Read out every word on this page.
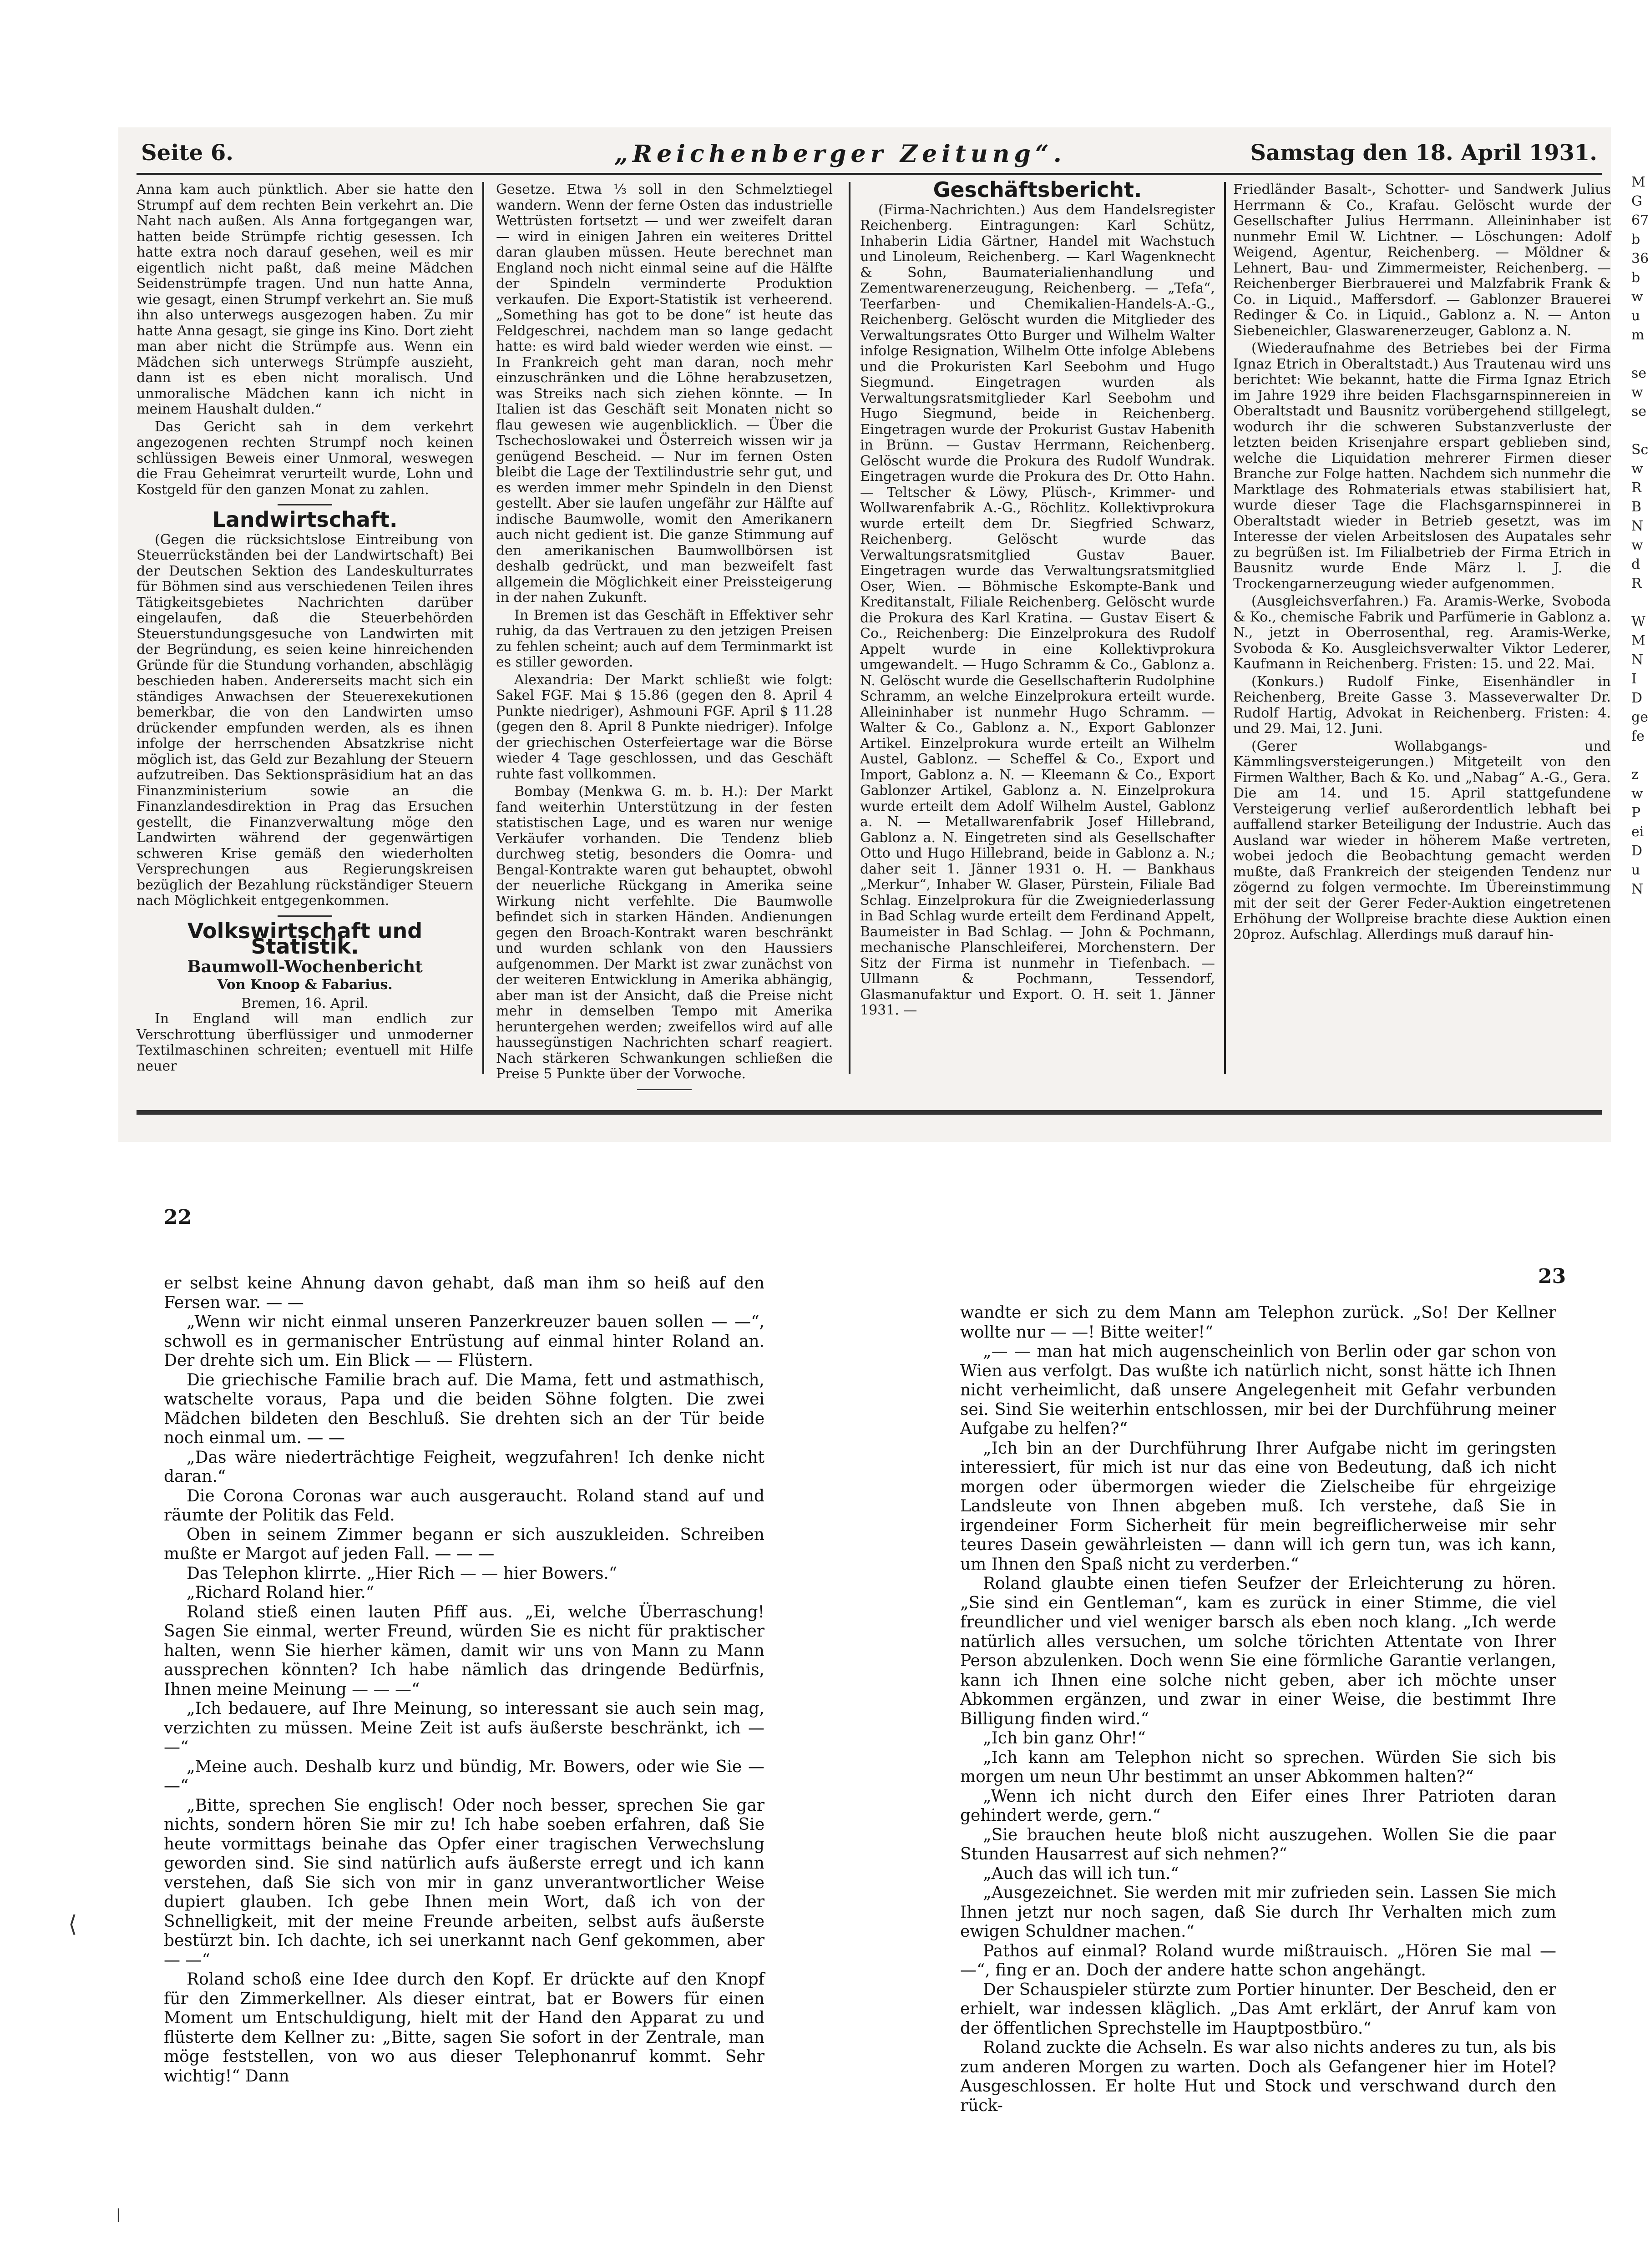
Seite 6.	„Reichenberger Zeitung“.	Samstag den 18. April 1931.

Anna kam auch pünktlich. Aber sie hatte den Strumpf auf dem rechten Bein verkehrt an. Die Naht nach außen. Als Anna fortgegangen war, hatten beide Strümpfe richtig gesessen. Ich hatte extra noch darauf gesehen, weil es mir eigentlich nicht paßt, daß meine Mädchen Seidenstrümpfe tragen. Und nun hatte Anna, wie gesagt, einen Strumpf verkehrt an. Sie muß ihn also unterwegs ausgezogen haben. Zu mir hatte Anna gesagt, sie ginge ins Kino. Dort zieht man aber nicht die Strümpfe aus. Wenn ein Mädchen sich unterwegs Strümpfe auszieht, dann ist es eben nicht moralisch. Und unmoralische Mädchen kann ich nicht in meinem Haushalt dulden.“

Das Gericht sah in dem verkehrt angezogenen rechten Strumpf noch keinen schlüssigen Beweis einer Unmoral, weswegen die Frau Geheimrat verurteilt wurde, Lohn und Kostgeld für den ganzen Monat zu zahlen.

Landwirtschaft.

(Gegen die rücksichtslose Eintreibung von Steuerrückständen bei der Landwirtschaft) Bei der Deutschen Sektion des Landeskulturrates für Böhmen sind aus verschiedenen Teilen ihres Tätigkeitsgebietes Nachrichten darüber eingelaufen, daß die Steuerbehörden Steuerstundungsgesuche von Landwirten mit der Begründung, es seien keine hinreichenden Gründe für die Stundung vorhanden, abschlägig beschieden haben. Andererseits macht sich ein ständiges Anwachsen der Steuerexekutionen bemerkbar, die von den Landwirten umso drückender empfunden werden, als es ihnen infolge der herrschenden Absatzkrise nicht möglich ist, das Geld zur Bezahlung der Steuern aufzutreiben. Das Sektionspräsidium hat an das Finanzministerium sowie an die Finanzlandesdirektion in Prag das Ersuchen gestellt, die Finanzverwaltung möge den Landwirten während der gegenwärtigen schweren Krise gemäß den wiederholten Versprechungen aus Regierungskreisen bezüglich der Bezahlung rückständiger Steuern nach Möglichkeit entgegenkommen.

Volkswirtschaft und Statistik.
Baumwoll-Wochenbericht
Von Knoop & Fabarius.
Bremen, 16. April.

In England will man endlich zur Verschrottung überflüssiger und unmoderner Textilmaschinen schreiten; eventuell mit Hilfe neuer

Gesetze. Etwa ⅓ soll in den Schmelztiegel wandern. Wenn der ferne Osten das industrielle Wettrüsten fortsetzt — und wer zweifelt daran — wird in einigen Jahren ein weiteres Drittel daran glauben müssen. Heute berechnet man England noch nicht einmal seine auf die Hälfte der Spindeln verminderte Produktion verkaufen. Die Export-Statistik ist verheerend. „Something has got to be done“ ist heute das Feldgeschrei, nachdem man so lange gedacht hatte: es wird bald wieder werden wie einst. — In Frankreich geht man daran, noch mehr einzuschränken und die Löhne herabzusetzen, was Streiks nach sich ziehen könnte. — In Italien ist das Geschäft seit Monaten nicht so flau gewesen wie augenblicklich. — Über die Tschechoslowakei und Österreich wissen wir ja genügend Bescheid. — Nur im fernen Osten bleibt die Lage der Textilindustrie sehr gut, und es werden immer mehr Spindeln in den Dienst gestellt. Aber sie laufen ungefähr zur Hälfte auf indische Baumwolle, womit den Amerikanern auch nicht gedient ist. Die ganze Stimmung auf den amerikanischen Baumwollbörsen ist deshalb gedrückt, und man bezweifelt fast allgemein die Möglichkeit einer Preissteigerung in der nahen Zukunft.

In Bremen ist das Geschäft in Effektiver sehr ruhig, da das Vertrauen zu den jetzigen Preisen zu fehlen scheint; auch auf dem Terminmarkt ist es stiller geworden.

Alexandria: Der Markt schließt wie folgt: Sakel FGF. Mai $ 15.86 (gegen den 8. April 4 Punkte niedriger), Ashmouni FGF. April $ 11.28 (gegen den 8. April 8 Punkte niedriger). Infolge der griechischen Osterfeiertage war die Börse wieder 4 Tage geschlossen, und das Geschäft ruhte fast vollkommen.

Bombay (Menkwa G. m. b. H.): Der Markt fand weiterhin Unterstützung in der festen statistischen Lage, und es waren nur wenige Verkäufer vorhanden. Die Tendenz blieb durchweg stetig, besonders die Oomra- und Bengal-Kontrakte waren gut behauptet, obwohl der neuerliche Rückgang in Amerika seine Wirkung nicht verfehlte. Die Baumwolle befindet sich in starken Händen. Andienungen gegen den Broach-Kontrakt waren beschränkt und wurden schlank von den Haussiers aufgenommen. Der Markt ist zwar zunächst von der weiteren Entwicklung in Amerika abhängig, aber man ist der Ansicht, daß die Preise nicht mehr in demselben Tempo mit Amerika heruntergehen werden; zweifellos wird auf alle haussegünstigen Nachrichten scharf reagiert. Nach stärkeren Schwankungen schließen die Preise 5 Punkte über der Vorwoche.

Geschäftsbericht.

(Firma-Nachrichten.) Aus dem Handelsregister Reichenberg. Eintragungen: Karl Schütz, Inhaberin Lidia Gärtner, Handel mit Wachstuch und Linoleum, Reichenberg. — Karl Wagenknecht & Sohn, Baumaterialienhandlung und Zementwarenerzeugung, Reichenberg. — „Tefa“, Teerfarben- und Chemikalien-Handels-A.-G., Reichenberg. Gelöscht wurden die Mitglieder des Verwaltungsrates Otto Burger und Wilhelm Walter infolge Resignation, Wilhelm Otte infolge Ablebens und die Prokuristen Karl Seebohm und Hugo Siegmund. Eingetragen wurden als Verwaltungsratsmitglieder Karl Seebohm und Hugo Siegmund, beide in Reichenberg. Eingetragen wurde der Prokurist Gustav Habenith in Brünn. — Gustav Herrmann, Reichenberg. Gelöscht wurde die Prokura des Rudolf Wundrak. Eingetragen wurde die Prokura des Dr. Otto Hahn. — Teltscher & Löwy, Plüsch-, Krimmer- und Wollwarenfabrik A.-G., Röchlitz. Kollektivprokura wurde erteilt dem Dr. Siegfried Schwarz, Reichenberg. Gelöscht wurde das Verwaltungsratsmitglied Gustav Bauer. Eingetragen wurde das Verwaltungsratsmitglied Oser, Wien. — Böhmische Eskompte-Bank und Kreditanstalt, Filiale Reichenberg. Gelöscht wurde die Prokura des Karl Kratina. — Gustav Eisert & Co., Reichenberg: Die Einzelprokura des Rudolf Appelt wurde in eine Kollektivprokura umgewandelt. — Hugo Schramm & Co., Gablonz a. N. Gelöscht wurde die Gesellschafterin Rudolphine Schramm, an welche Einzelprokura erteilt wurde. Alleininhaber ist nunmehr Hugo Schramm. — Walter & Co., Gablonz a. N., Export Gablonzer Artikel. Einzelprokura wurde erteilt an Wilhelm Austel, Gablonz. — Scheffel & Co., Export und Import, Gablonz a. N. — Kleemann & Co., Export Gablonzer Artikel, Gablonz a. N. Einzelprokura wurde erteilt dem Adolf Wilhelm Austel, Gablonz a. N. — Metallwarenfabrik Josef Hillebrand, Gablonz a. N. Eingetreten sind als Gesellschafter Otto und Hugo Hillebrand, beide in Gablonz a. N.; daher seit 1. Jänner 1931 o. H. — Bankhaus „Merkur“, Inhaber W. Glaser, Pürstein, Filiale Bad Schlag. Einzelprokura für die Zweigniederlassung in Bad Schlag wurde erteilt dem Ferdinand Appelt, Baumeister in Bad Schlag. — John & Pochmann, mechanische Planschleiferei, Morchenstern. Der Sitz der Firma ist nunmehr in Tiefenbach. — Ullmann & Pochmann, Tessendorf, Glasmanufaktur und Export. O. H. seit 1. Jänner 1931. —

Friedländer Basalt-, Schotter- und Sandwerk Julius Herrmann & Co., Krafau. Gelöscht wurde der Gesellschafter Julius Herrmann. Alleininhaber ist nunmehr Emil W. Lichtner. — Löschungen: Adolf Weigend, Agentur, Reichenberg. — Möldner & Lehnert, Bau- und Zimmermeister, Reichenberg. — Reichenberger Bierbrauerei und Malzfabrik Frank & Co. in Liquid., Maffersdorf. — Gablonzer Brauerei Redinger & Co. in Liquid., Gablonz a. N. — Anton Siebeneichler, Glaswarenerzeuger, Gablonz a. N.

(Wiederaufnahme des Betriebes bei der Firma Ignaz Etrich in Oberaltstadt.) Aus Trautenau wird uns berichtet: Wie bekannt, hatte die Firma Ignaz Etrich im Jahre 1929 ihre beiden Flachsgarnspinnereien in Oberaltstadt und Bausnitz vorübergehend stillgelegt, wodurch ihr die schweren Substanzverluste der letzten beiden Krisenjahre erspart geblieben sind, welche die Liquidation mehrerer Firmen dieser Branche zur Folge hatten. Nachdem sich nunmehr die Marktlage des Rohmaterials etwas stabilisiert hat, wurde dieser Tage die Flachsgarnspinnerei in Oberaltstadt wieder in Betrieb gesetzt, was im Interesse der vielen Arbeitslosen des Aupatales sehr zu begrüßen ist. Im Filialbetrieb der Firma Etrich in Bausnitz wurde Ende März l. J. die Trockengarnerzeugung wieder aufgenommen.

(Ausgleichsverfahren.) Fa. Aramis-Werke, Svoboda & Ko., chemische Fabrik und Parfümerie in Gablonz a. N., jetzt in Oberrosenthal, reg. Aramis-Werke, Svoboda & Ko. Ausgleichsverwalter Viktor Lederer, Kaufmann in Reichenberg. Fristen: 15. und 22. Mai.

(Konkurs.) Rudolf Finke, Eisenhändler in Reichenberg, Breite Gasse 3. Masseverwalter Dr. Rudolf Hartig, Advokat in Reichenberg. Fristen: 4. und 29. Mai, 12. Juni.

(Gerer Wollabgangs- und Kämmlingsversteigerungen.) Mitgeteilt von den Firmen Walther, Bach & Ko. und „Nabag“ A.-G., Gera. Die am 14. und 15. April stattgefundene Versteigerung verlief außerordentlich lebhaft bei auffallend starker Beteiligung der Industrie. Auch das Ausland war wieder in höherem Maße vertreten, wobei jedoch die Beobachtung gemacht werden mußte, daß Frankreich der steigenden Tendenz nur zögernd zu folgen vermochte. Im Übereinstimmung mit der seit der Gerer Feder-Auktion eingetretenen Erhöhung der Wollpreise brachte diese Auktion einen 20proz. Aufschlag. Allerdings muß darauf hin-

22

er selbst keine Ahnung davon gehabt, daß man ihm so heiß auf den Fersen war. — —

„Wenn wir nicht einmal unseren Panzerkreuzer bauen sollen — —“, schwoll es in germanischer Entrüstung auf einmal hinter Roland an. Der drehte sich um. Ein Blick — — Flüstern.

Die griechische Familie brach auf. Die Mama, fett und astmathisch, watschelte voraus, Papa und die beiden Söhne folgten. Die zwei Mädchen bildeten den Beschluß. Sie drehten sich an der Tür beide noch einmal um. — —

„Das wäre niederträchtige Feigheit, wegzufahren! Ich denke nicht daran.“

Die Corona Coronas war auch ausgeraucht. Roland stand auf und räumte der Politik das Feld.

Oben in seinem Zimmer begann er sich auszukleiden. Schreiben mußte er Margot auf jeden Fall. — — —

Das Telephon klirrte. „Hier Rich — — hier Bowers.“

„Richard Roland hier.“

Roland stieß einen lauten Pfiff aus. „Ei, welche Überraschung! Sagen Sie einmal, werter Freund, würden Sie es nicht für praktischer halten, wenn Sie hierher kämen, damit wir uns von Mann zu Mann aussprechen könnten? Ich habe nämlich das dringende Bedürfnis, Ihnen meine Meinung — — —“

„Ich bedauere, auf Ihre Meinung, so interessant sie auch sein mag, verzichten zu müssen. Meine Zeit ist aufs äußerste beschränkt, ich — —“

„Meine auch. Deshalb kurz und bündig, Mr. Bowers, oder wie Sie — —“

„Bitte, sprechen Sie englisch! Oder noch besser, sprechen Sie gar nichts, sondern hören Sie mir zu! Ich habe soeben erfahren, daß Sie heute vormittags beinahe das Opfer einer tragischen Verwechslung geworden sind. Sie sind natürlich aufs äußerste erregt und ich kann verstehen, daß Sie sich von mir in ganz unverantwortlicher Weise dupiert glauben. Ich gebe Ihnen mein Wort, daß ich von der Schnelligkeit, mit der meine Freunde arbeiten, selbst aufs äußerste bestürzt bin. Ich dachte, ich sei unerkannt nach Genf gekommen, aber — —“

Roland schoß eine Idee durch den Kopf. Er drückte auf den Knopf für den Zimmerkellner. Als dieser eintrat, bat er Bowers für einen Moment um Entschuldigung, hielt mit der Hand den Apparat zu und flüsterte dem Kellner zu: „Bitte, sagen Sie sofort in der Zentrale, man möge feststellen, von wo aus dieser Telephonanruf kommt. Sehr wichtig!“ Dann

23

wandte er sich zu dem Mann am Telephon zurück. „So! Der Kellner wollte nur — —! Bitte weiter!“

„— — man hat mich augenscheinlich von Berlin oder gar schon von Wien aus verfolgt. Das wußte ich natürlich nicht, sonst hätte ich Ihnen nicht verheimlicht, daß unsere Angelegenheit mit Gefahr verbunden sei. Sind Sie weiterhin entschlossen, mir bei der Durchführung meiner Aufgabe zu helfen?“

„Ich bin an der Durchführung Ihrer Aufgabe nicht im geringsten interessiert, für mich ist nur das eine von Bedeutung, daß ich nicht morgen oder übermorgen wieder die Zielscheibe für ehrgeizige Landsleute von Ihnen abgeben muß. Ich verstehe, daß Sie in irgendeiner Form Sicherheit für mein begreiflicherweise mir sehr teures Dasein gewährleisten — dann will ich gern tun, was ich kann, um Ihnen den Spaß nicht zu verderben.“

Roland glaubte einen tiefen Seufzer der Erleichterung zu hören. „Sie sind ein Gentleman“, kam es zurück in einer Stimme, die viel freundlicher und viel weniger barsch als eben noch klang. „Ich werde natürlich alles versuchen, um solche törichten Attentate von Ihrer Person abzulenken. Doch wenn Sie eine förmliche Garantie verlangen, kann ich Ihnen eine solche nicht geben, aber ich möchte unser Abkommen ergänzen, und zwar in einer Weise, die bestimmt Ihre Billigung finden wird.“

„Ich bin ganz Ohr!“

„Ich kann am Telephon nicht so sprechen. Würden Sie sich bis morgen um neun Uhr bestimmt an unser Abkommen halten?“

„Wenn ich nicht durch den Eifer eines Ihrer Patrioten daran gehindert werde, gern.“

„Sie brauchen heute bloß nicht auszugehen. Wollen Sie die paar Stunden Hausarrest auf sich nehmen?“

„Auch das will ich tun.“

„Ausgezeichnet. Sie werden mit mir zufrieden sein. Lassen Sie mich Ihnen jetzt nur noch sagen, daß Sie durch Ihr Verhalten mich zum ewigen Schuldner machen.“

Pathos auf einmal? Roland wurde mißtrauisch. „Hören Sie mal — —“, fing er an. Doch der andere hatte schon angehängt.

Der Schauspieler stürzte zum Portier hinunter. Der Bescheid, den er erhielt, war indessen kläglich. „Das Amt erklärt, der Anruf kam von der öffentlichen Sprechstelle im Hauptpostbüro.“

Roland zuckte die Achseln. Es war also nichts anderes zu tun, als bis zum anderen Morgen zu warten. Doch als Gefangener hier im Hotel? Ausgeschlossen. Er holte Hut und Stock und verschwand durch den rück-

⟨
|
M
G
67
b
36
b
w
u
m

se
w
se

Sc
w
R
B
N
w
d
R

W
M
N
I
D
ge
fe

z
w
P
ei
D
u
N
